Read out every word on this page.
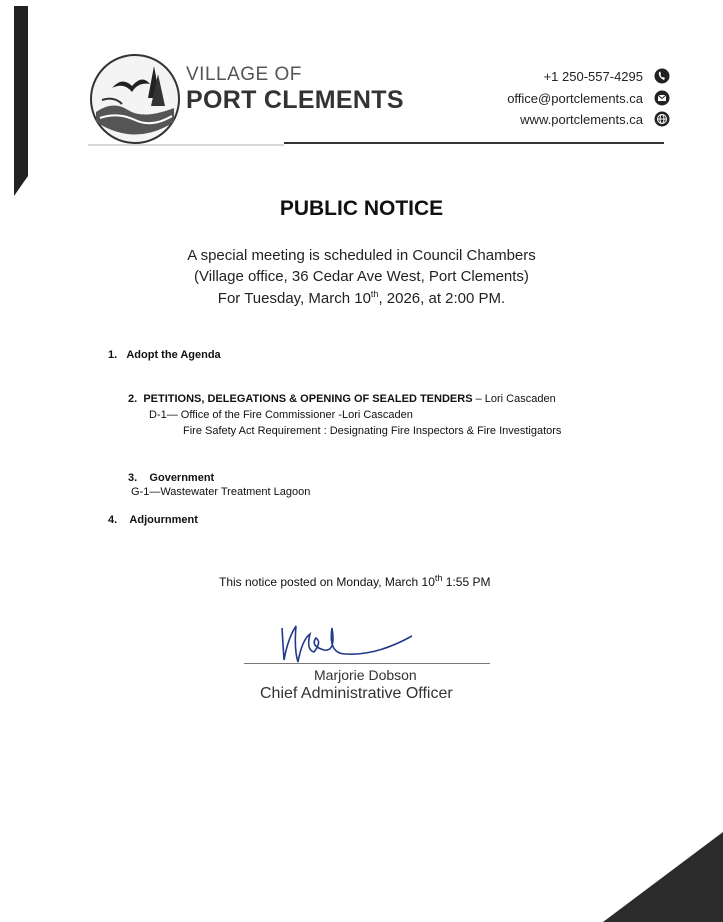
VILLAGE OF
PORT CLEMENTS
+1 250-557-4295
office@portclements.ca
www.portclements.ca
PUBLIC NOTICE
A special meeting is scheduled in Council Chambers
(Village office, 36 Cedar Ave West, Port Clements)
For Tuesday, March 10th, 2026, at 2:00 PM.
1. Adopt the Agenda
2. PETITIONS, DELEGATIONS & OPENING OF SEALED TENDERS – Lori Cascaden
D-1— Office of the Fire Commissioner -Lori Cascaden
Fire Safety Act Requirement : Designating Fire Inspectors & Fire Investigators
3. Government
G-1—Wastewater Treatment Lagoon
4. Adjournment
This notice posted on Monday, March 10th 1:55 PM
Marjorie Dobson
Chief Administrative Officer
